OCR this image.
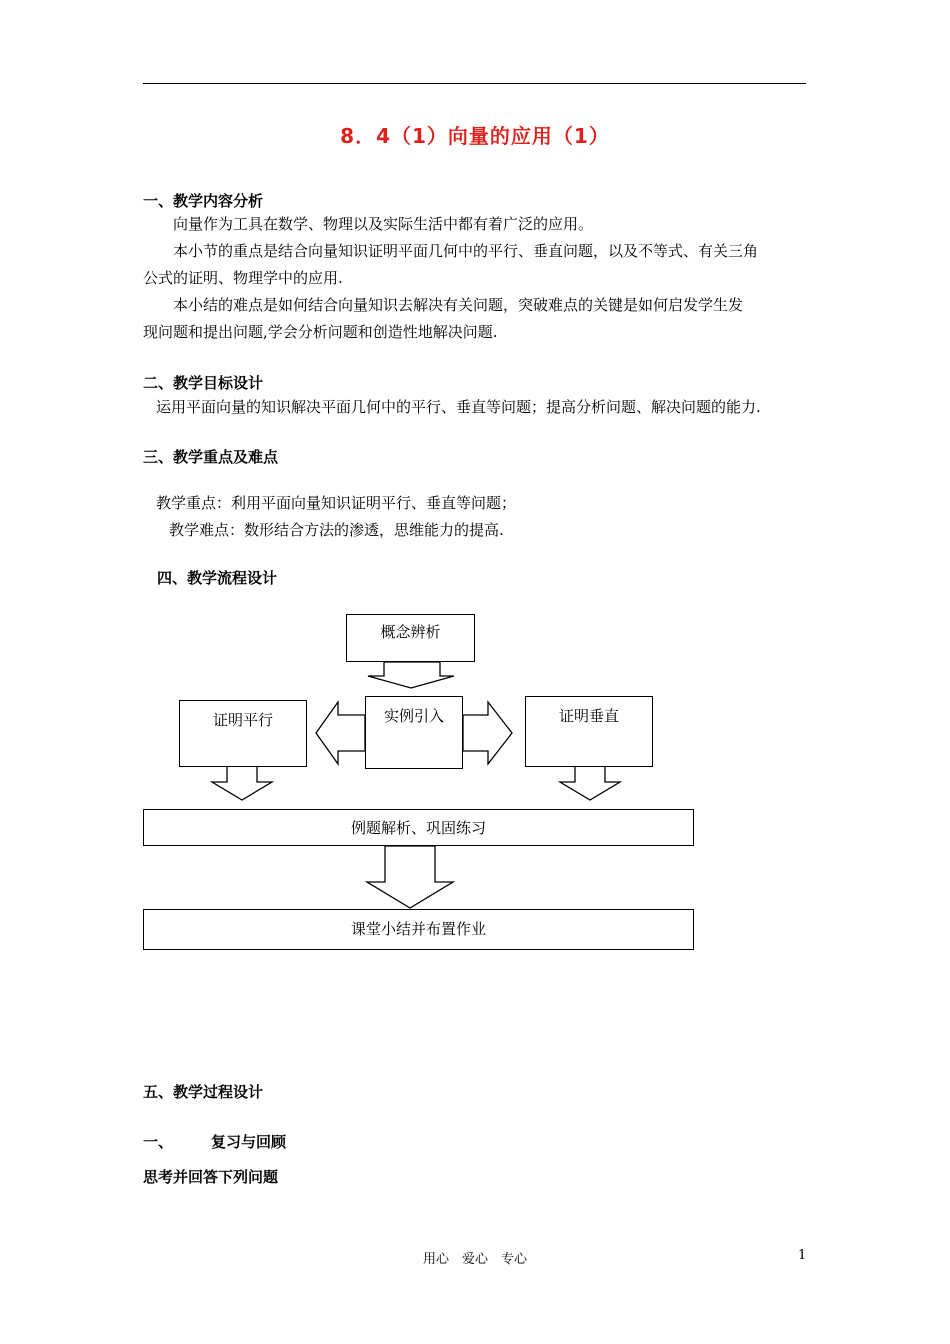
8．4（1）向量的应用（1）
一、教学内容分析
向量作为工具在数学、物理以及实际生活中都有着广泛的应用。
本小节的重点是结合向量知识证明平面几何中的平行、垂直问题，以及不等式、有关三角
公式的证明、物理学中的应用.
本小结的难点是如何结合向量知识去解决有关问题，突破难点的关键是如何启发学生发
现问题和提出问题,学会分析问题和创造性地解决问题.
二、教学目标设计
运用平面向量的知识解决平面几何中的平行、垂直等问题；提高分析问题、解决问题的能力.
三、教学重点及难点
教学重点：利用平面向量知识证明平行、垂直等问题；
教学难点：数形结合方法的渗透，思维能力的提高.
四、教学流程设计
概念辨析
实例引入
证明平行	证明垂直
例题解析、巩固练习
课堂小结并布置作业
五、教学过程设计
一、	复习与回顾
思考并回答下列问题
用心　爱心　专心	1
